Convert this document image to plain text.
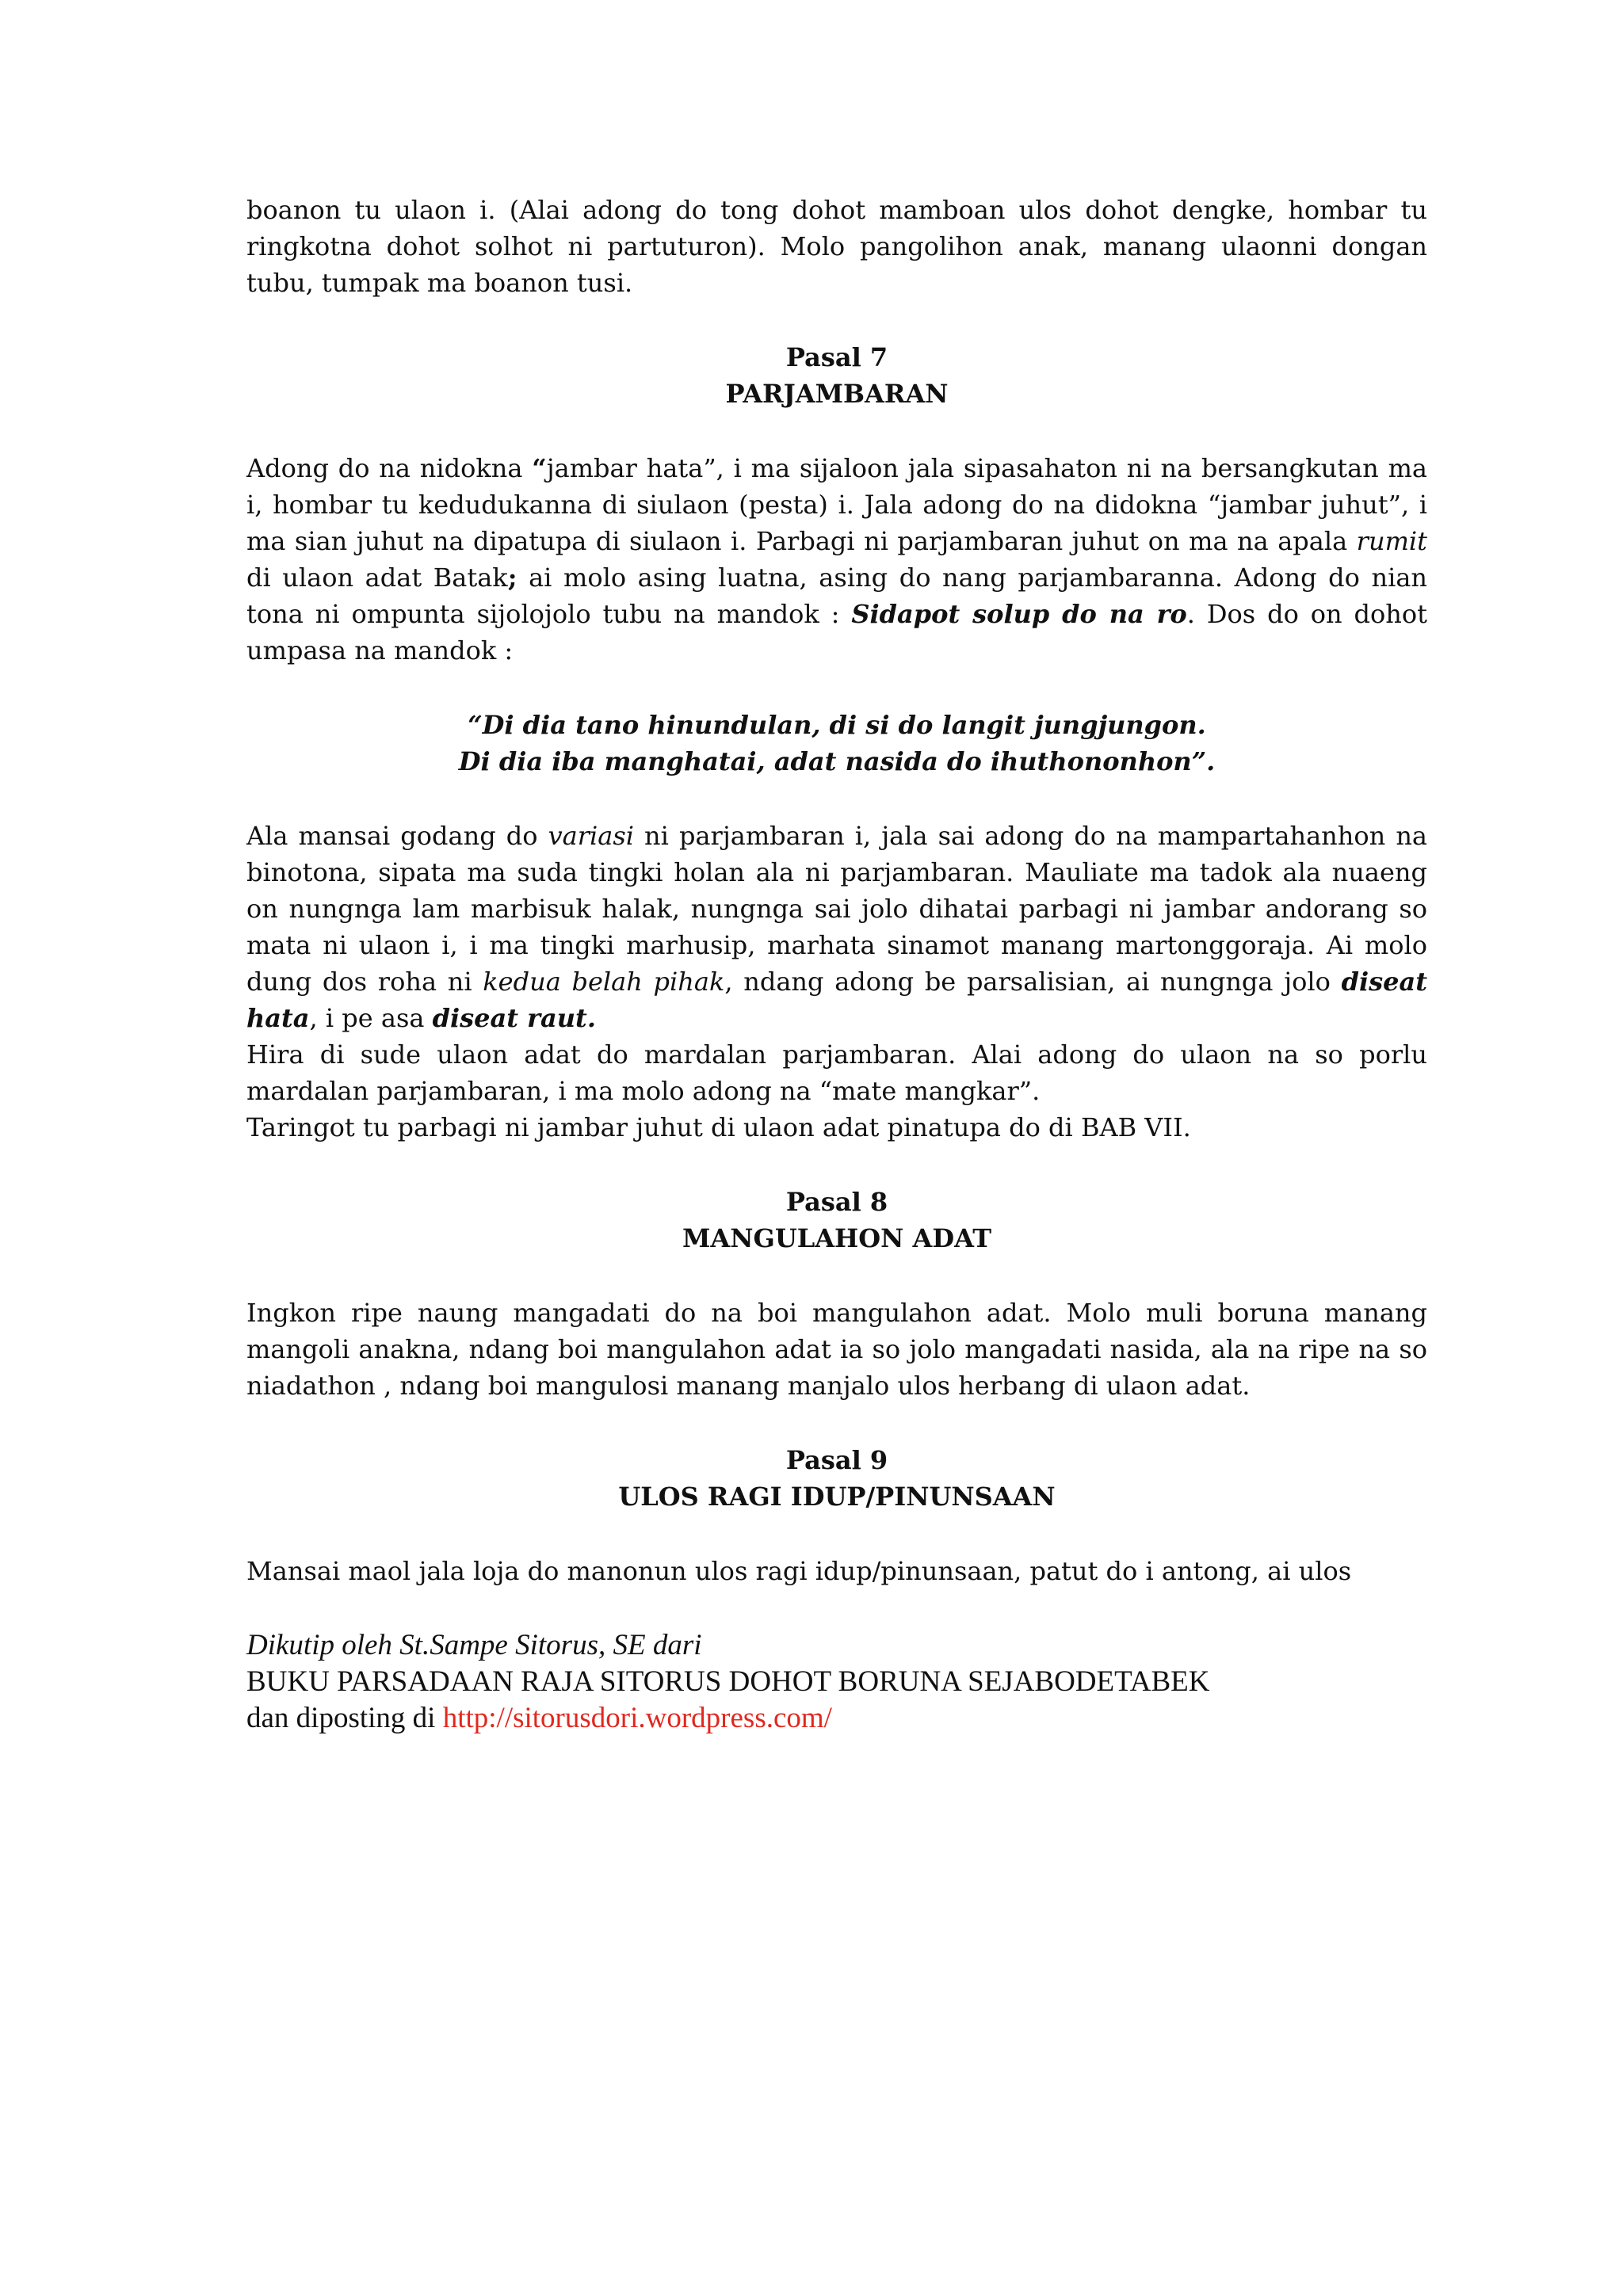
boanon tu ulaon i. (Alai adong do tong dohot mamboan ulos dohot dengke, hombar tu ringkotna dohot solhot ni partuturon). Molo pangolihon anak, manang ulaonni dongan tubu, tumpak ma boanon tusi.

Pasal 7

PARJAMBARAN

Adong do na nidokna “jambar hata”, i ma sijaloon jala sipasahaton ni na bersangkutan ma i, hombar tu kedudukanna di siulaon (pesta) i. Jala adong do na didokna “jambar juhut”, i ma sian juhut na dipatupa di siulaon i. Parbagi ni parjambaran juhut on ma na apala rumit di ulaon adat Batak; ai molo asing luatna, asing do nang parjambaranna. Adong do nian tona ni ompunta sijolojolo tubu na mandok : Sidapot solup do na ro. Dos do on dohot umpasa na mandok :

“Di dia tano hinundulan, di si do langit jungjungon.

Di dia iba manghatai, adat nasida do ihuthononhon”.

Ala mansai godang do variasi ni parjambaran i, jala sai adong do na mampartahanhon na binotona, sipata ma suda tingki holan ala ni parjambaran. Mauliate ma tadok ala nuaeng on nungnga lam marbisuk halak, nungnga sai jolo dihatai parbagi ni jambar andorang so mata ni ulaon i, i ma tingki marhusip, marhata sinamot manang martonggoraja. Ai molo dung dos roha ni kedua belah pihak, ndang adong be parsalisian, ai nungnga jolo diseat hata, i pe asa diseat raut.

Hira di sude ulaon adat do mardalan parjambaran. Alai adong do ulaon na so porlu mardalan parjambaran, i ma molo adong na “mate mangkar”.

Taringot tu parbagi ni jambar juhut di ulaon adat pinatupa do di BAB VII.

Pasal 8

MANGULAHON ADAT

Ingkon ripe naung mangadati do na boi mangulahon adat. Molo muli boruna manang mangoli anakna, ndang boi mangulahon adat ia so jolo mangadati nasida, ala na ripe na so niadathon , ndang boi mangulosi manang manjalo ulos herbang di ulaon adat.

Pasal 9

ULOS RAGI IDUP/PINUNSAAN

Mansai maol jala loja do manonun ulos ragi idup/pinunsaan, patut do i antong, ai ulos

Dikutip oleh St.Sampe Sitorus, SE dari

BUKU PARSADAAN RAJA SITORUS DOHOT BORUNA SEJABODETABEK

dan diposting di http://sitorusdori.wordpress.com/
